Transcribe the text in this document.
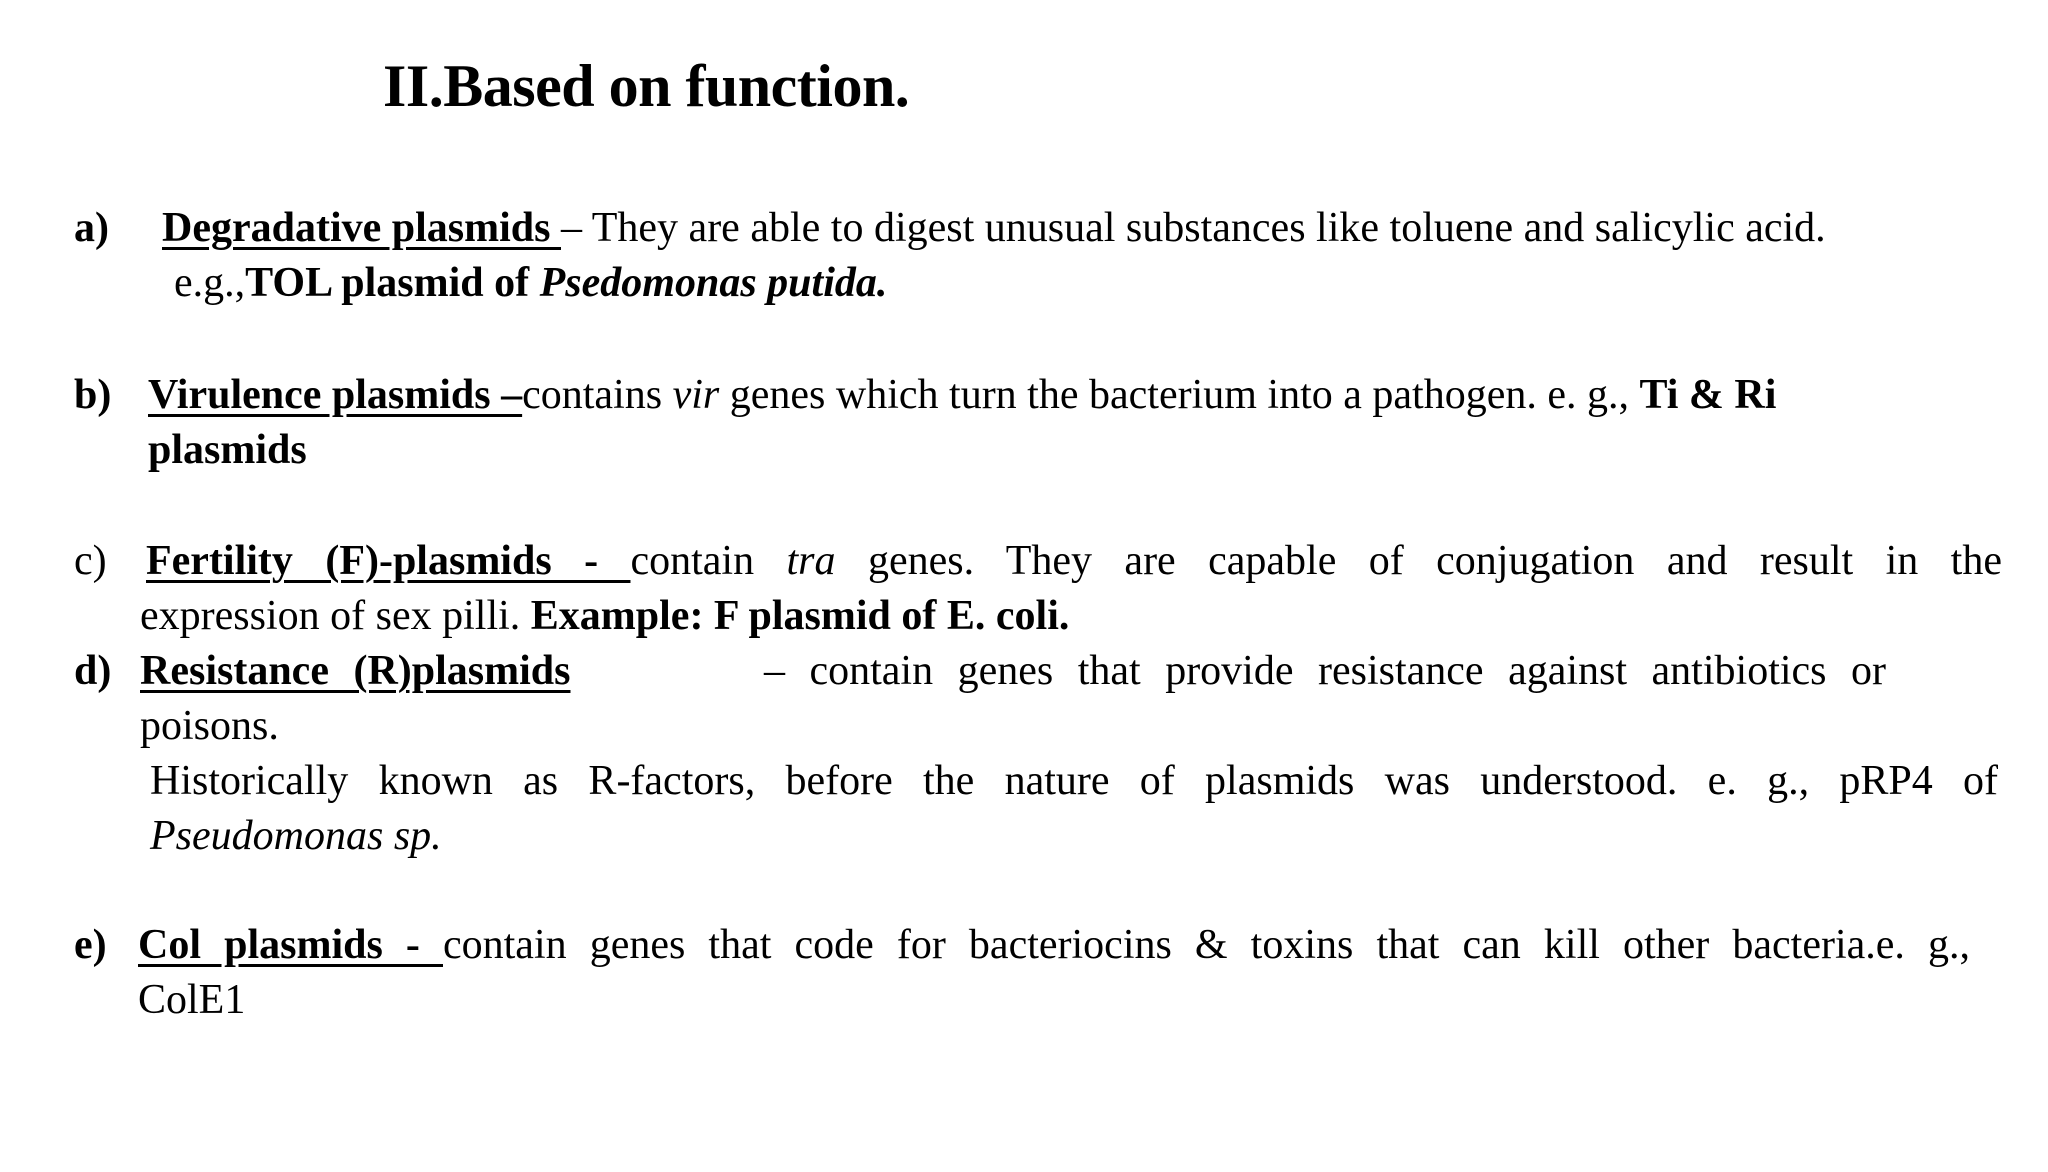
II.Based on function.
a) Degradative plasmids – They are able to digest unusual substances like toluene and salicylic acid.
e.g.,TOL plasmid of Psedomonas putida.
b) Virulence plasmids –contains vir genes which turn the bacterium into a pathogen. e. g., Ti & Ri
plasmids
c) Fertility (F)-plasmids - contain tra genes. They are capable of conjugation and result in the
expression of sex pilli. Example: F plasmid of E. coli.
d) Resistance (R)plasmids	– contain genes that provide resistance against antibiotics or
poisons.
Historically known as R-factors, before the nature of plasmids was understood. e. g., pRP4 of
Pseudomonas sp.
e) Col plasmids - contain genes that code for bacteriocins & toxins that can kill other bacteria.e. g.,
ColE1
